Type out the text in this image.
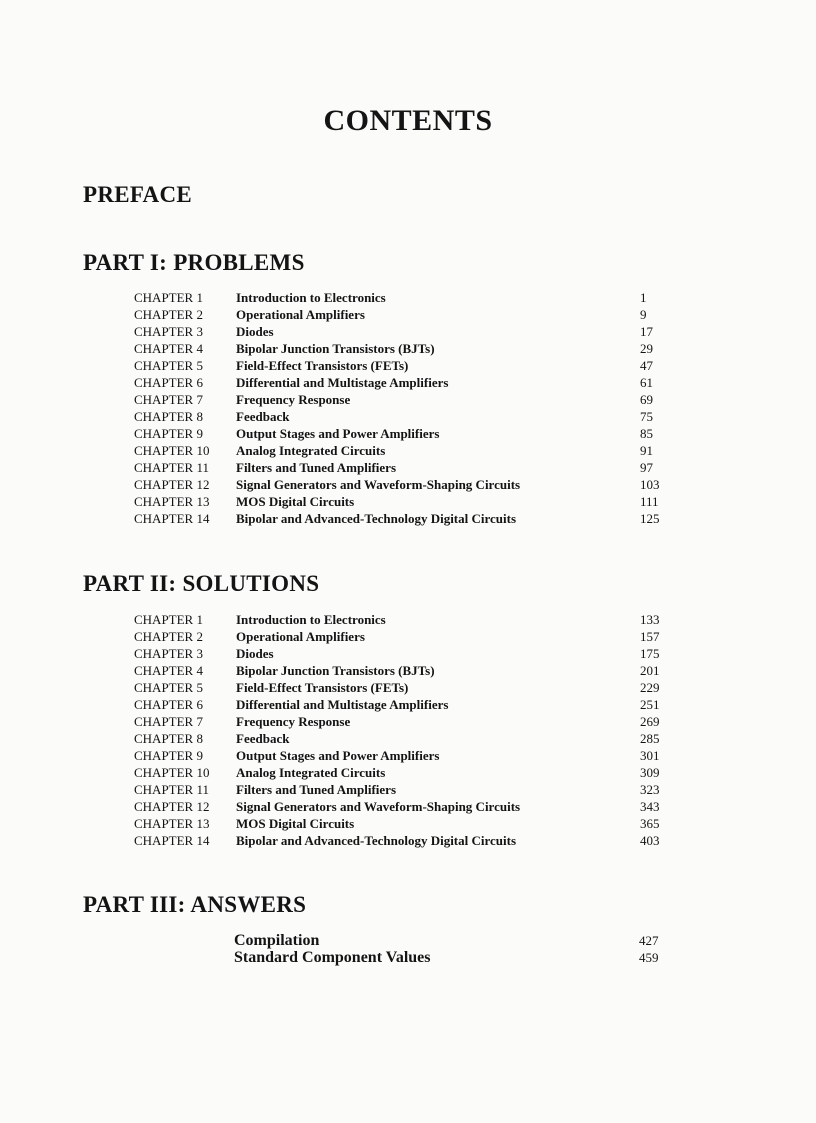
CONTENTS
PREFACE
PART I: PROBLEMS
CHAPTER 1	Introduction to Electronics	1
CHAPTER 2	Operational Amplifiers	9
CHAPTER 3	Diodes	17
CHAPTER 4	Bipolar Junction Transistors (BJTs)	29
CHAPTER 5	Field-Effect Transistors (FETs)	47
CHAPTER 6	Differential and Multistage Amplifiers	61
CHAPTER 7	Frequency Response	69
CHAPTER 8	Feedback	75
CHAPTER 9	Output Stages and Power Amplifiers	85
CHAPTER 10 Analog Integrated Circuits	91
CHAPTER 11 Filters and Tuned Amplifiers	97
CHAPTER 12 Signal Generators and Waveform-Shaping Circuits	103
CHAPTER 13 MOS Digital Circuits	111
CHAPTER 14 Bipolar and Advanced-Technology Digital Circuits	125
PART II: SOLUTIONS
CHAPTER 1	Introduction to Electronics	133
CHAPTER 2	Operational Amplifiers	157
CHAPTER 3	Diodes	175
CHAPTER 4	Bipolar Junction Transistors (BJTs)	201
CHAPTER 5	Field-Effect Transistors (FETs)	229
CHAPTER 6	Differential and Multistage Amplifiers	251
CHAPTER 7	Frequency Response	269
CHAPTER 8	Feedback	285
CHAPTER 9	Output Stages and Power Amplifiers	301
CHAPTER 10 Analog Integrated Circuits	309
CHAPTER 11 Filters and Tuned Amplifiers	323
CHAPTER 12 Signal Generators and Waveform-Shaping Circuits	343
CHAPTER 13 MOS Digital Circuits	365
CHAPTER 14 Bipolar and Advanced-Technology Digital Circuits	403
PART III: ANSWERS
Compilation	427
Standard Component Values	459
